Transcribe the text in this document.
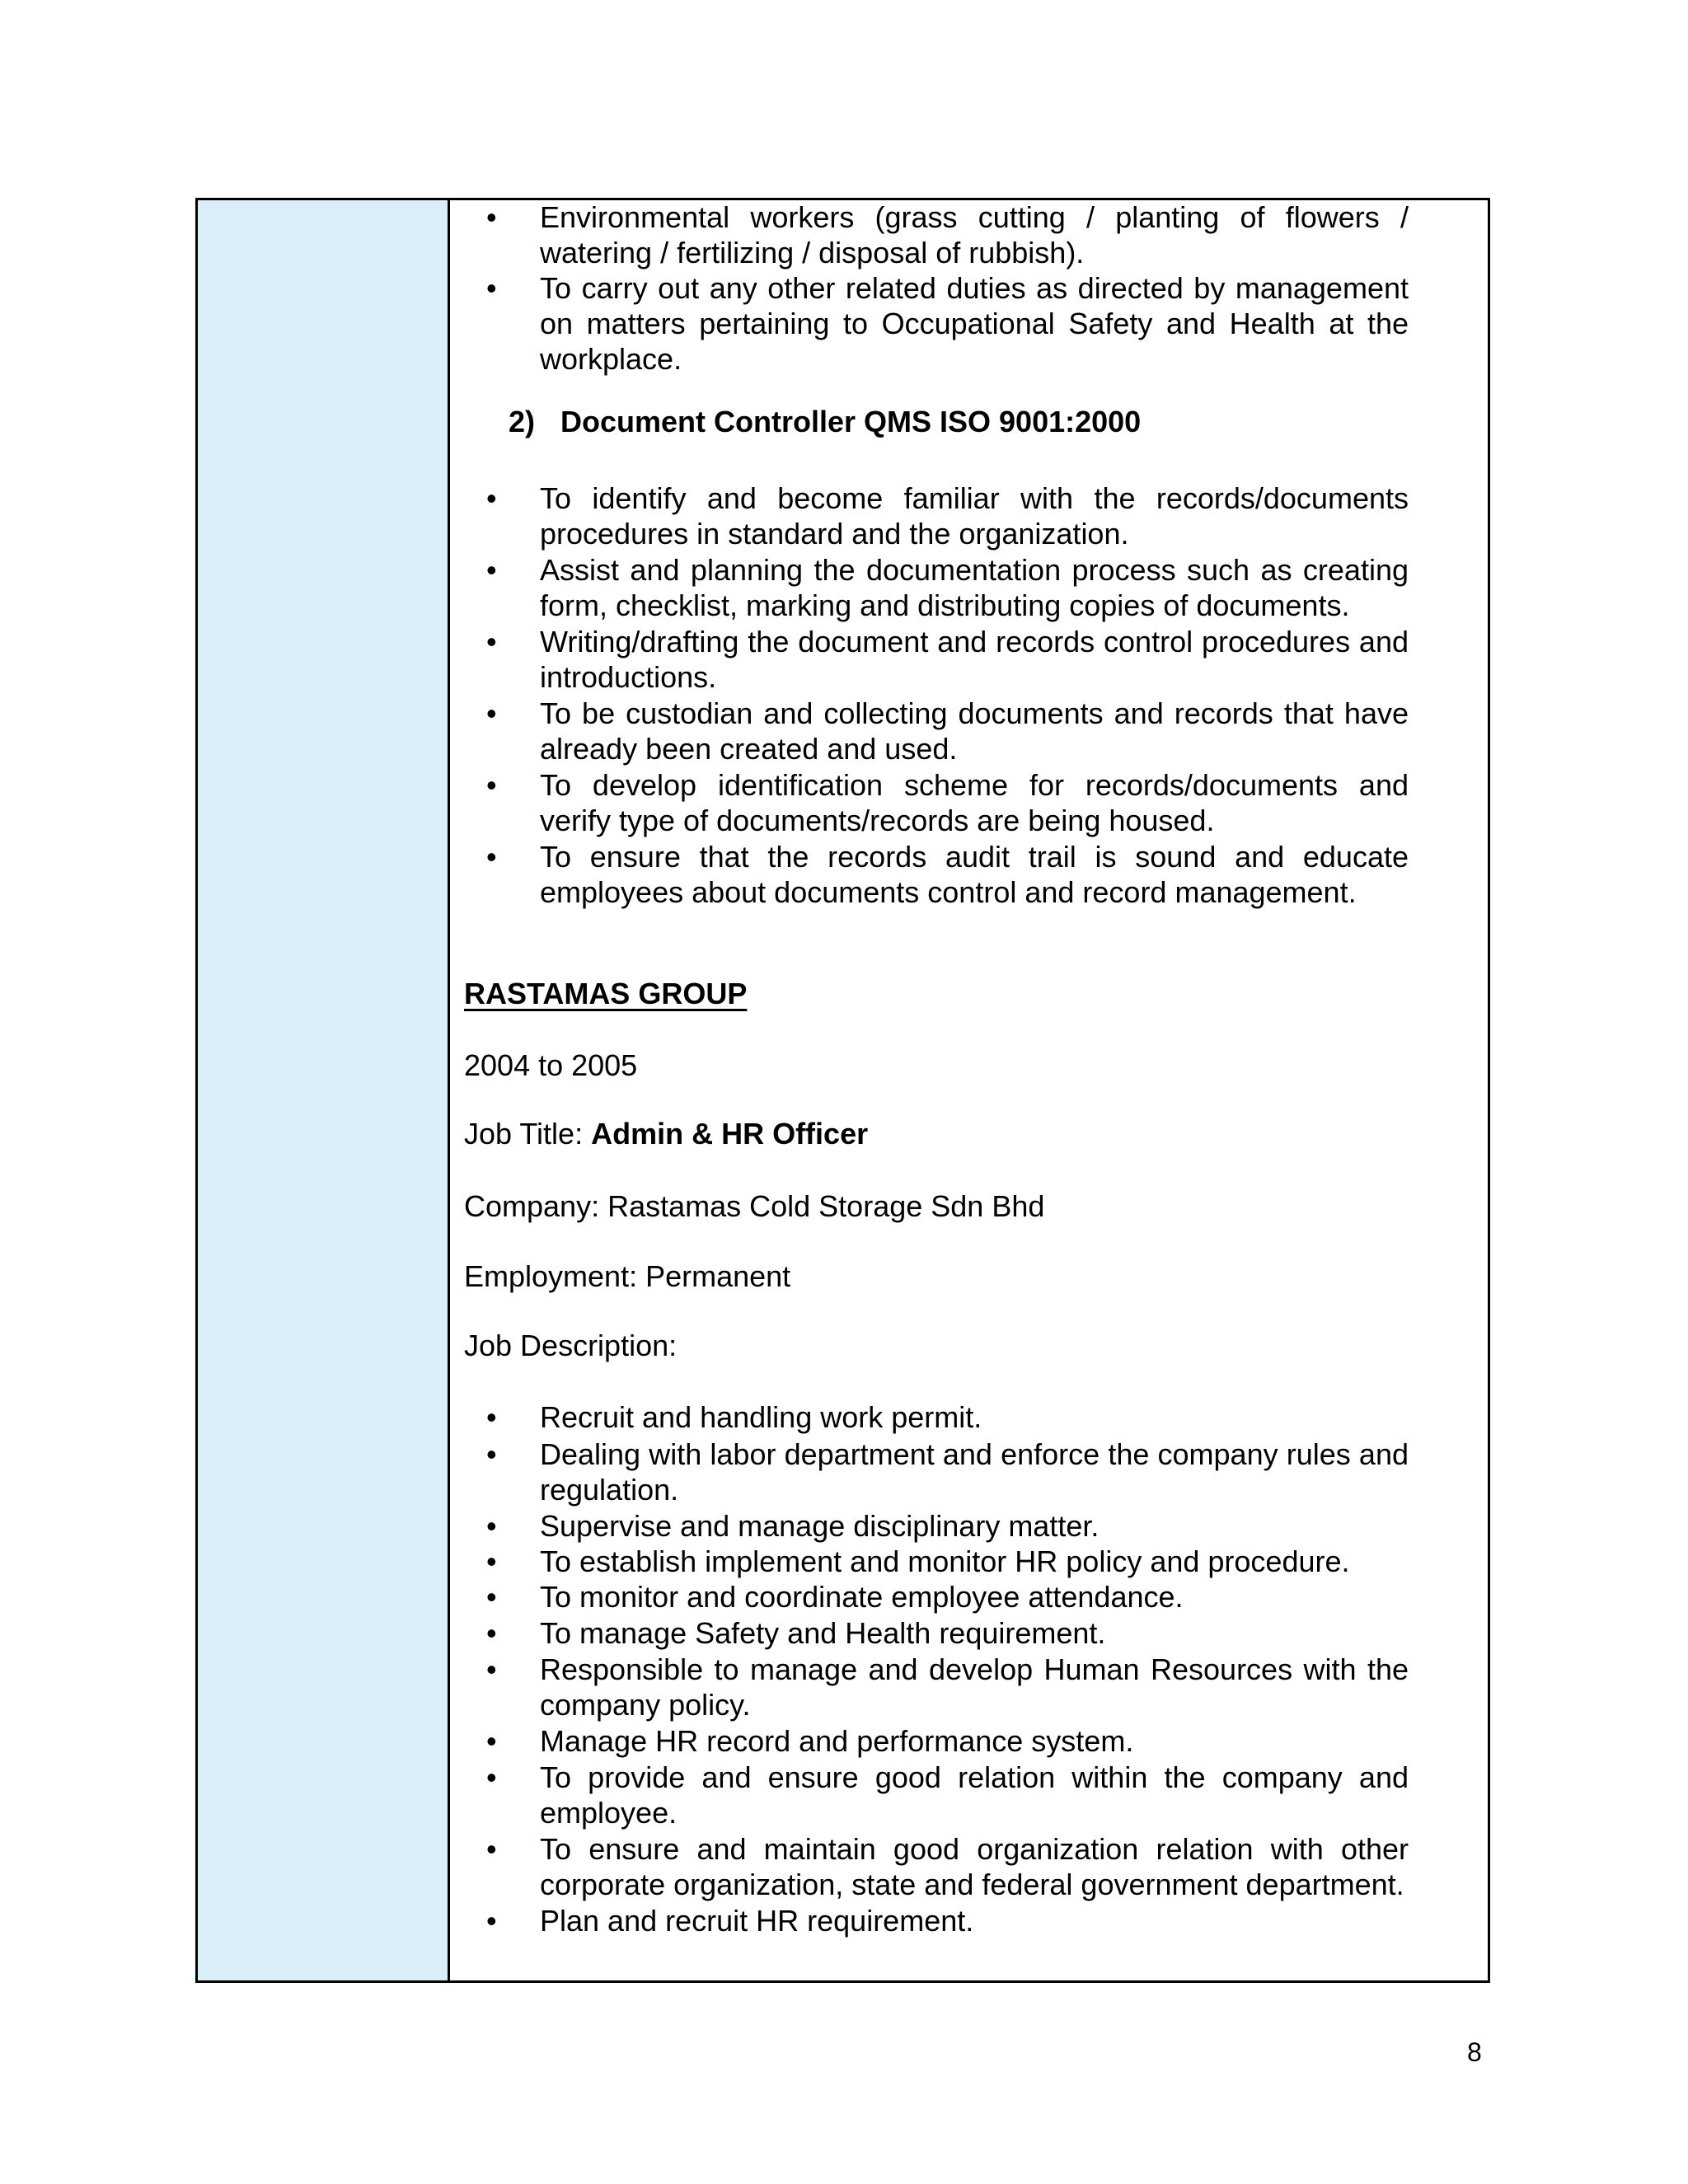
• Environmental workers (grass cutting / planting of flowers / watering / fertilizing / disposal of rubbish).
• To carry out any other related duties as directed by management on matters pertaining to Occupational Safety and Health at the workplace.
2) Document Controller QMS ISO 9001:2000
• To identify and become familiar with the records/documents procedures in standard and the organization.
• Assist and planning the documentation process such as creating form, checklist, marking and distributing copies of documents.
• Writing/drafting the document and records control procedures and introductions.
• To be custodian and collecting documents and records that have already been created and used.
• To develop identification scheme for records/documents and verify type of documents/records are being housed.
• To ensure that the records audit trail is sound and educate employees about documents control and record management.
RASTAMAS GROUP
2004 to 2005
Job Title: Admin & HR Officer
Company: Rastamas Cold Storage Sdn Bhd
Employment: Permanent
Job Description:
• Recruit and handling work permit.
• Dealing with labor department and enforce the company rules and regulation.
• Supervise and manage disciplinary matter.
• To establish implement and monitor HR policy and procedure.
• To monitor and coordinate employee attendance.
• To manage Safety and Health requirement.
• Responsible to manage and develop Human Resources with the company policy.
• Manage HR record and performance system.
• To provide and ensure good relation within the company and employee.
• To ensure and maintain good organization relation with other corporate organization, state and federal government department.
• Plan and recruit HR requirement.
8
